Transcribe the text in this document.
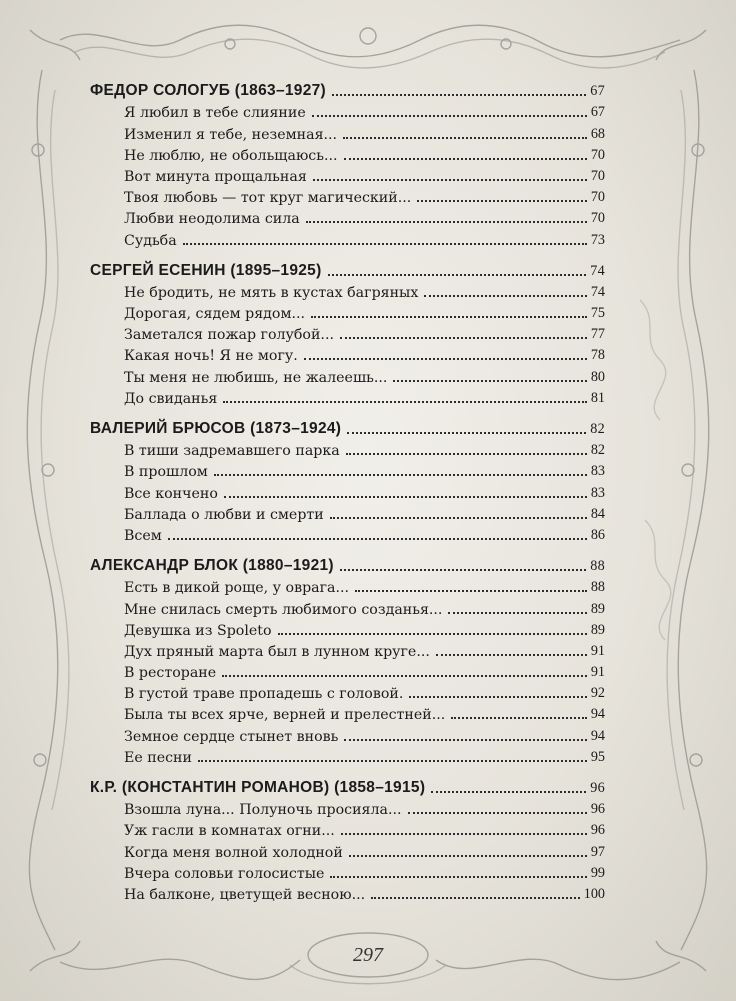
ФЕДОР СОЛОГУБ (1863–1927)	67
Я любил в тебе слияние	67
Изменил я тебе, неземная...	68
Не люблю, не обольщаюсь...	70
Вот минута прощальная	70
Твоя любовь — тот круг магический...	70
Любви неодолима сила	70
Судьба	73
СЕРГЕЙ ЕСЕНИН (1895–1925)	74
Не бродить, не мять в кустах багряных	74
Дорогая, сядем рядом...	75
Заметался пожар голубой...	77
Какая ночь! Я не могу.	78
Ты меня не любишь, не жалеешь...	80
До свиданья	81
ВАЛЕРИЙ БРЮСОВ (1873–1924)	82
В тиши задремавшего парка	82
В прошлом	83
Все кончено	83
Баллада о любви и смерти	84
Всем	86
АЛЕКСАНДР БЛОК (1880–1921)	88
Есть в дикой роще, у оврага...	88
Мне снилась смерть любимого созданья...	89
Девушка из Spoleto	89
Дух пряный марта был в лунном круге...	91
В ресторане	91
В густой траве пропадешь с головой.	92
Была ты всех ярче, верней и прелестней...	94
Земное сердце стынет вновь	94
Ее песни	95
К.Р. (КОНСТАНТИН РОМАНОВ) (1858–1915)	96
Взошла луна... Полуночь просияла...	96
Уж гасли в комнатах огни...	96
Когда меня волной холодной	97
Вчера соловьи голосистые	99
На балконе, цветущей весною...	100
297
